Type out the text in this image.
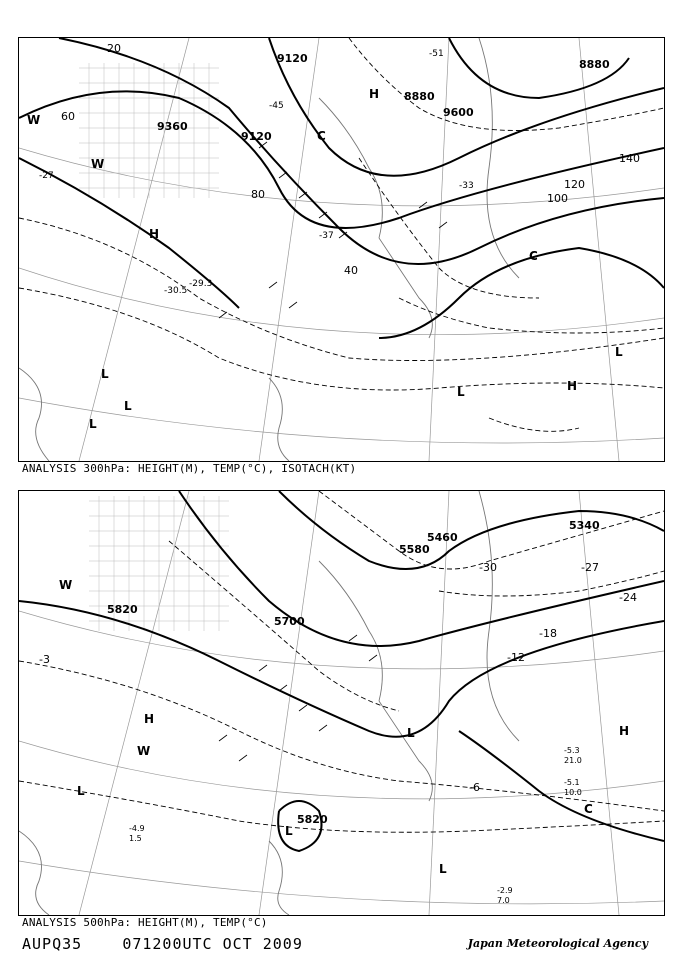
9120
8880
9600
9360
9120
8880
20
40
60
80	100
120
140
H
H
H
L
L
L
L
L
C
C
W
W
-51
-45
-33
-30.5
-29.3
-37
-27
ANALYSIS 300hPa: HEIGHT(M), TEMP(°C), ISOTACH(KT)
5820
5700
5580
5460
5340
5820
-3
-6
-12
-18
-24
-27
-30
H
H
L
L
L
L
W
W
C
-5.3
21.0
-5.1
10.0
-2.9
7.0
-4.9
1.5
ANALYSIS 500hPa: HEIGHT(M), TEMP(°C)
AUPQ35	071200UTC OCT 2009	Japan Meteorological Agency
